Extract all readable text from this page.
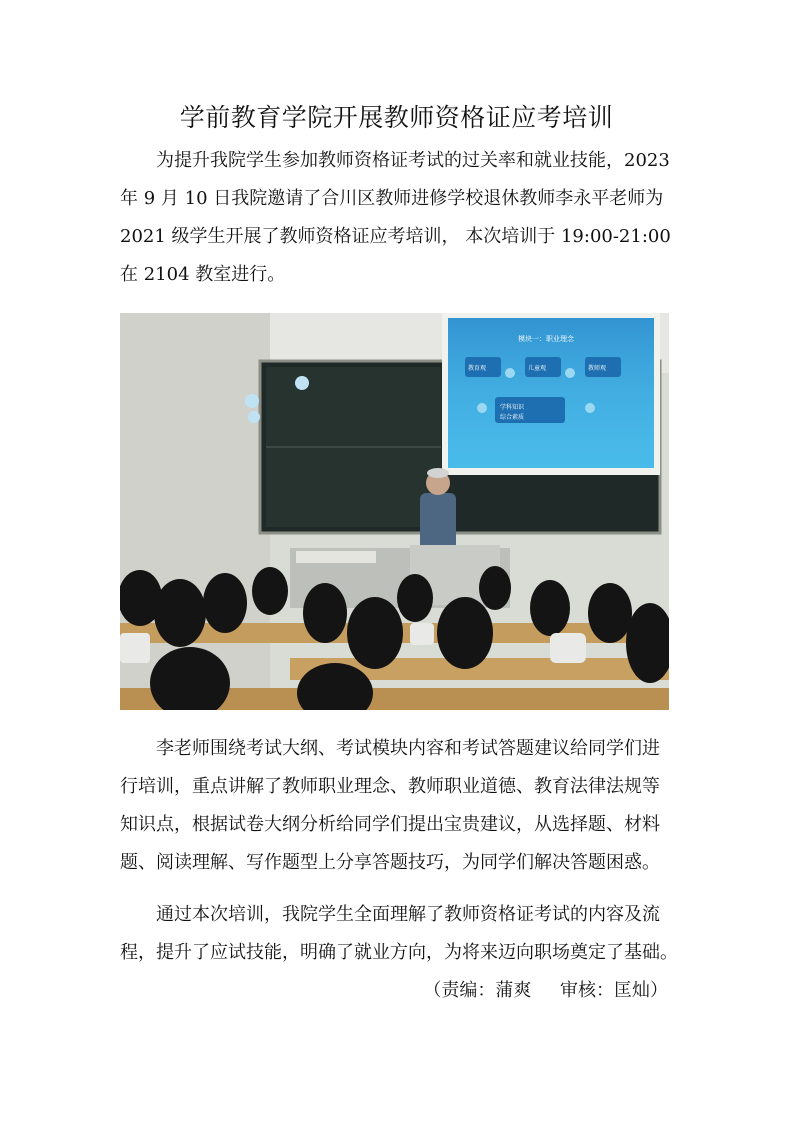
学前教育学院开展教师资格证应考培训
为提升我院学生参加教师资格证考试的过关率和就业技能，2023
年 9 月 10 日我院邀请了合川区教师进修学校退休教师李永平老师为
2021 级学生开展了教师资格证应考培训， 本次培训于 19:00-21:00
在 2104 教室进行。
模块一：职业理念
教育观	儿童观	教师观
学科知识
综合素质
李老师围绕考试大纲、考试模块内容和考试答题建议给同学们进
行培训，重点讲解了教师职业理念、教师职业道德、教育法律法规等
知识点，根据试卷大纲分析给同学们提出宝贵建议，从选择题、材料
题、阅读理解、写作题型上分享答题技巧，为同学们解决答题困惑。
通过本次培训，我院学生全面理解了教师资格证考试的内容及流
程，提升了应试技能，明确了就业方向，为将来迈向职场奠定了基础。
（责编：蒲爽     审核：匡灿）
